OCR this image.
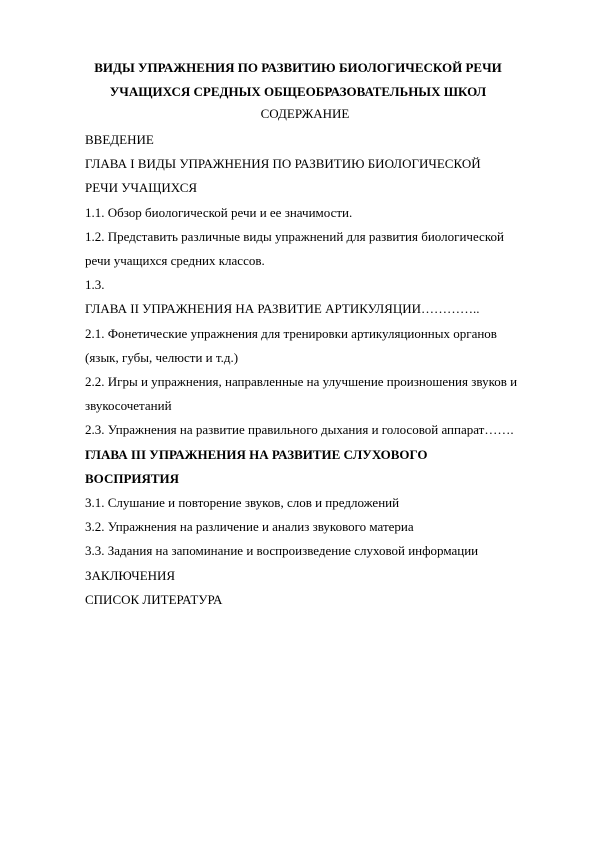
ВИДЫ УПРАЖНЕНИЯ ПО РАЗВИТИЮ БИОЛОГИЧЕСКОЙ РЕЧИ
УЧАЩИХСЯ СРЕДНЫХ ОБЩЕОБРАЗОВАТЕЛЬНЫХ ШКОЛ
СОДЕРЖАНИЕ
ВВЕДЕНИЕ
ГЛАВА I ВИДЫ УПРАЖНЕНИЯ ПО РАЗВИТИЮ БИОЛОГИЧЕСКОЙ
РЕЧИ УЧАЩИХСЯ
1.1. Обзор биологической речи и ее значимости.
1.2. Представить различные виды упражнений для развития биологической
речи учащихся средних классов.
1.3.
ГЛАВА II УПРАЖНЕНИЯ НА РАЗВИТИЕ АРТИКУЛЯЦИИ…………..
2.1. Фонетические упражнения для тренировки артикуляционных органов
(язык, губы, челюсти и т.д.)
2.2. Игры и упражнения, направленные на улучшение произношения звуков и
звукосочетаний
2.3. Упражнения на развитие правильного дыхания и голосовой аппарат…….
ГЛАВА III УПРАЖНЕНИЯ НА РАЗВИТИЕ СЛУХОВОГО
ВОСПРИЯТИЯ
3.1. Слушание и повторение звуков, слов и предложений
3.2. Упражнения на различение и анализ звукового материа
3.3. Задания на запоминание и воспроизведение слуховой информации
ЗАКЛЮЧЕНИЯ
СПИСОК ЛИТЕРАТУРА
